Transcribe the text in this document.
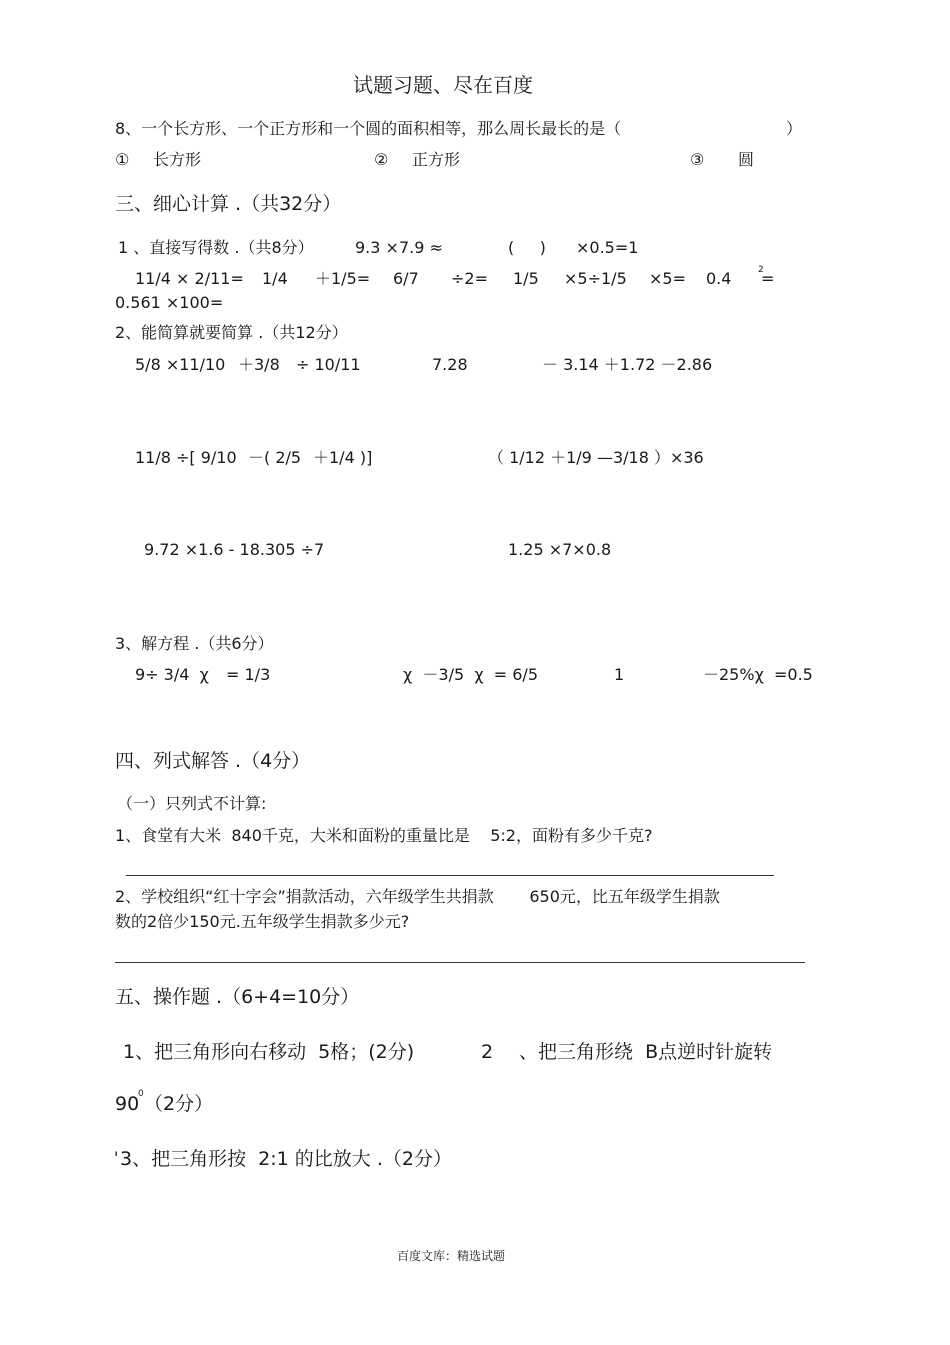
试题习题、尽在百度
8、一个长方形、一个正方形和一个圆的面积相等，那么周长最长的是（	）
① 长方形	② 正方形	③ 圆
三、细心计算 .（共32分）
1 、直接写得数 .（共8分）	9.3 ×7.9 ≈	(     ) ×0.5=1
11/4 × 2/11= 1/4 ＋1/5= 6/7 ÷2= 1/5 ×5÷1/5 ×5= 0.4	2
=
0.561 ×100=
2、能简算就要简算 .（共12分）
5/8 ×11/10 ＋3/8 ÷ 10/11	7.28	－ 3.14 ＋1.72 －2.86
11/8 ÷[ 9/10 －( 2/5 ＋1/4 )]	（ 1/12 ＋1/9 —3/18 ）×36
9.72 ×1.6 - 18.305 ÷7	1.25 ×7×0.8
3、解方程 .（共6分）
9÷ 3/4  χ = 1/3	χ  －3/5  χ  = 6/5	1	－25%χ  =0.5
四、列式解答 .（4分）
（一）只列式不计算:
1、食堂有大米  840千克，大米和面粉的重量比是    5:2，面粉有多少千克?
2、学校组织“红十字会”捐款活动，六年级学生共捐款       650元，比五年级学生捐款
数的2倍少150元.五年级学生捐款多少元?
五、操作题 .（6+4=10分）
1、把三角形向右移动  5格；(2分)	2 、把三角形绕  B点逆时针旋转
90
0 （2分）
' 3、把三角形按  2:1 的比放大 .（2分）
百度文库：精选试题
